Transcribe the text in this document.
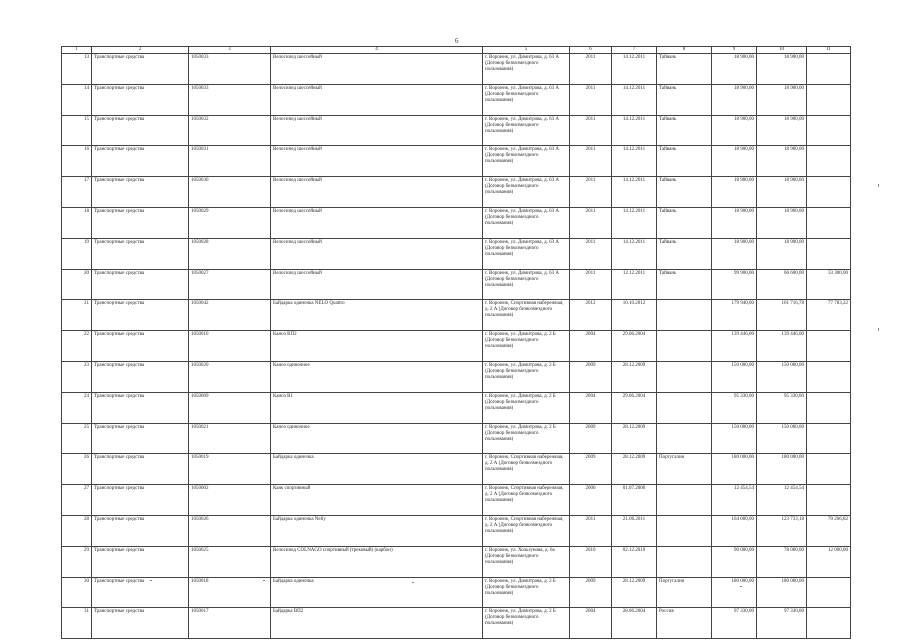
6
1	2	3	4	5	6	7	8	9	10	11
13	Транспортные средства	1050033	Велосипед шоссейный	г. Воронеж, ул. Димитрова, д. 63 А (Договор безвозмездного пользования)	2011	14.12.2011	Тайвань	18 900,00	18 900,00	
14	Транспортные средства	1050033	Велосипед шоссейный	г. Воронеж, ул. Димитрова, д. 63 А (Договор безвозмездного пользования)	2011	14.12.2011	Тайвань	18 900,00	18 900,00	
15	Транспортные средства	1050032	Велосипед шоссейный	г. Воронеж, ул. Димитрова, д. 63 А (Договор безвозмездного пользования)	2011	14.12.2011	Тайвань	18 900,00	18 900,00	
16	Транспортные средства	1050031	Велосипед шоссейный	г. Воронеж, ул. Димитрова, д. 63 А (Договор безвозмездного пользования)	2011	14.12.2011	Тайвань	18 900,00	18 900,00	
17	Транспортные средства	1050030	Велосипед шоссейный	г. Воронеж, ул. Димитрова, д. 63 А (Договор безвозмездного пользования)	2011	14.12.2011	Тайвань	18 900,00	18 900,00	
18	Транспортные средства	1050029	Велосипед шоссейный	г. Воронеж, ул. Димитрова, д. 63 А (Договор безвозмездного пользования)	2011	14.12.2011	Тайвань	18 900,00	18 900,00	
19	Транспортные средства	1050028	Велосипед шоссейный	г. Воронеж, ул. Димитрова, д. 63 А (Договор безвозмездного пользования)	2011	14.12.2011	Тайвань	18 900,00	18 900,00	
20	Транспортные средства	1050027	Велосипед шоссейный	г. Воронеж, ул. Димитрова, д. 63 А (Договор безвозмездного пользования)	2011	12.12.2011	Тайвань	99 900,00	66 600,00	33 300,00
21	Транспортные средства	1050042	Байдарка одиночка NELO Quattro	г. Воронеж, Спортивная набережная, д. 2 А (Договор безвозмездного пользования)	2012	10.10.2012		179 940,00	101 716,78	77 783,22
22	Транспортные средства	1050010	Каноэ ВП2	г. Воронеж, ул. Димитрова, д. 2 Б (Договор безвозмездного пользования)	2004	29.06.2004		139 446,00	139 446,00	
23	Транспортные средства	1050020	Каноэ одиночное	г. Воронеж, ул. Димитрова, д. 2 Б (Договор безвозмездного пользования)	2009	28.12.2009		150 000,00	150 000,00	
24	Транспортные средства	1050009	Каноэ В1	г. Воронеж, ул. Димитрова, д. 2 Б (Договор безвозмездного пользования)	2004	29.06.2004		95 330,00	95 330,00	
25	Транспортные средства	1050021	Каноэ одиночное	г. Воронеж, ул. Димитрова, д. 2 Б (Договор безвозмездного пользования)	2009	28.12.2009		150 000,00	150 000,00	
26	Транспортные средства	1050019	Байдарка одиночка	г. Воронеж, Спортивная набережная, д. 2 А (Договор безвозмездного пользования)	2009	28.12.2009	Португалия	180 000,00	180 000,00	
27	Транспортные средства	1050002	Каяк спортивный	г. Воронеж, Спортивная набережная, д. 2 А (Договор безвозмездного пользования)	2000	01.07.2000		12 454,54	12 454,54	
28	Транспортные средства	1050026	Байдарка одиночка Nelly	г. Воронеж, Спортивная набережная, д. 2 А (Договор безвозмездного пользования)	2011	21.06.2011		164 000,00	123 733,18	70 266,82
29	Транспортные средства	1050025	Велосипед COLNAGO спортивный (трековый) (карбон)	г. Воронеж, ул. Хользунова, д. 6а (Договор безвозмездного пользования)	2010	02.12.2010		90 000,00	78 000,00	12 000,00
30	Транспортные средства	1050018	Байдарка одиночка	г. Воронеж, ул. Димитрова, д. 2 Б (Договор безвозмездного пользования)	2009	28.12.2009	Португалия	180 000,00	180 000,00	
31	Транспортные средства	1050017	Байдарка ВП2	г. Воронеж, ул. Димитрова, д. 2 Б (Договор безвозмездного пользования)	2004	28.06.2004	Россия	97 330,00	97 330,00	
